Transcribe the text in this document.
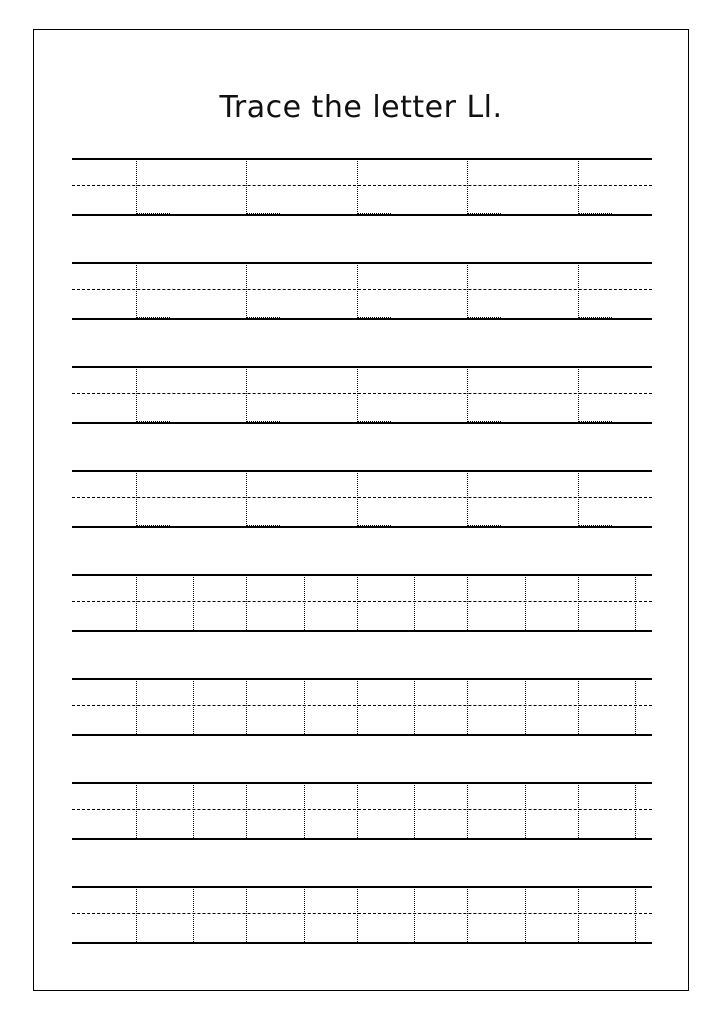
Trace the letter Ll.
